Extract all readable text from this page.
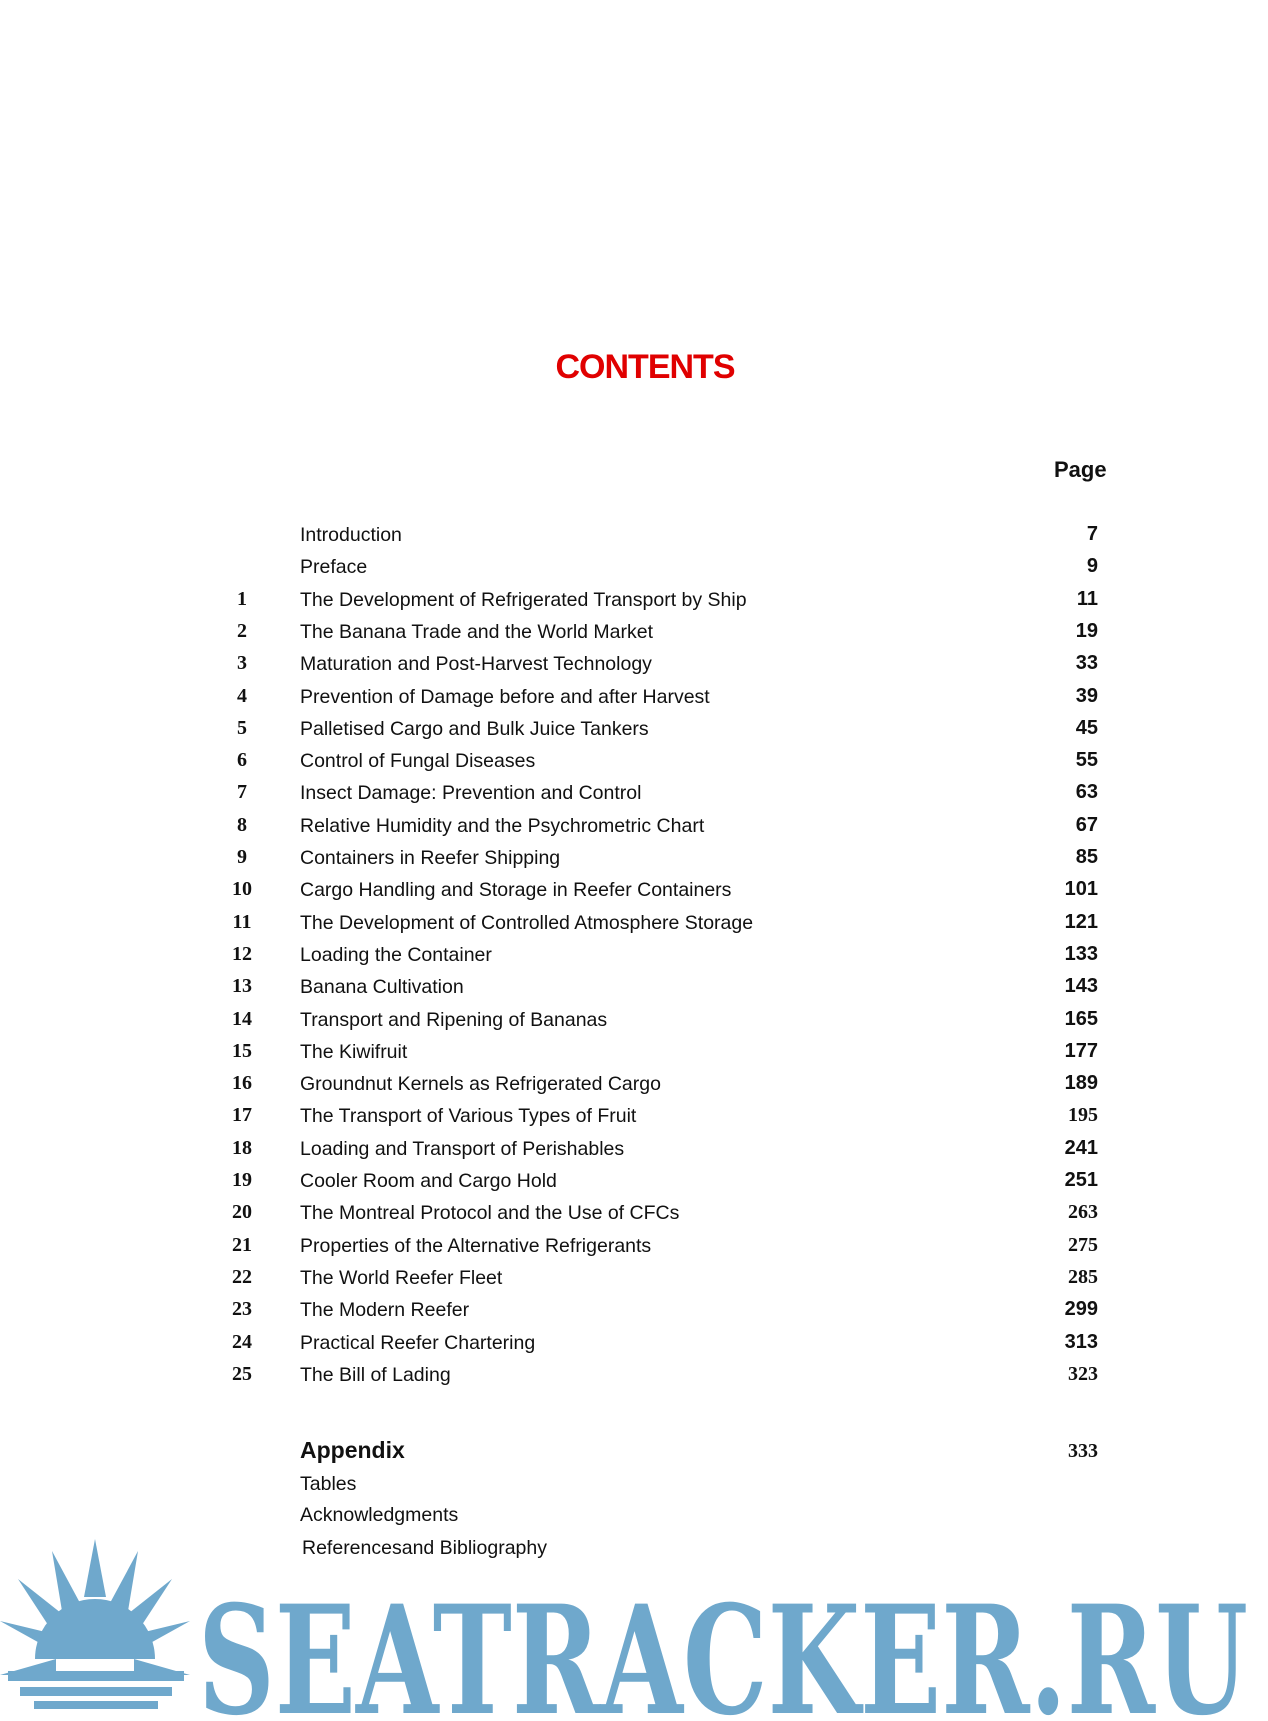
CONTENTS
Page
Introduction	7
Preface	9
1	The Development of Refrigerated Transport by Ship	11
2	The Banana Trade and the World Market	19
3	Maturation and Post-Harvest Technology	33
4	Prevention of Damage before and after Harvest	39
5	Palletised Cargo and Bulk Juice Tankers	45
6	Control of Fungal Diseases	55
7	Insect Damage: Prevention and Control	63
8	Relative Humidity and the Psychrometric Chart	67
9	Containers in Reefer Shipping	85
10	Cargo Handling and Storage in Reefer Containers	101
11	The Development of Controlled Atmosphere Storage	121
12	Loading the Container	133
13	Banana Cultivation	143
14	Transport and Ripening of Bananas	165
15	The Kiwifruit	177
16	Groundnut Kernels as Refrigerated Cargo	189
17	The Transport of Various Types of Fruit	195
18	Loading and Transport of Perishables	241
19	Cooler Room and Cargo Hold	251
20	The Montreal Protocol and the Use of CFCs	263
21	Properties of the Alternative Refrigerants	275
22	The World Reefer Fleet	285
23	The Modern Reefer	299
24	Practical Reefer Chartering	313
25	The Bill of Lading	323
Appendix	333
Tables
Acknowledgments
Referencesand Bibliography
SEATRACKER.RU
